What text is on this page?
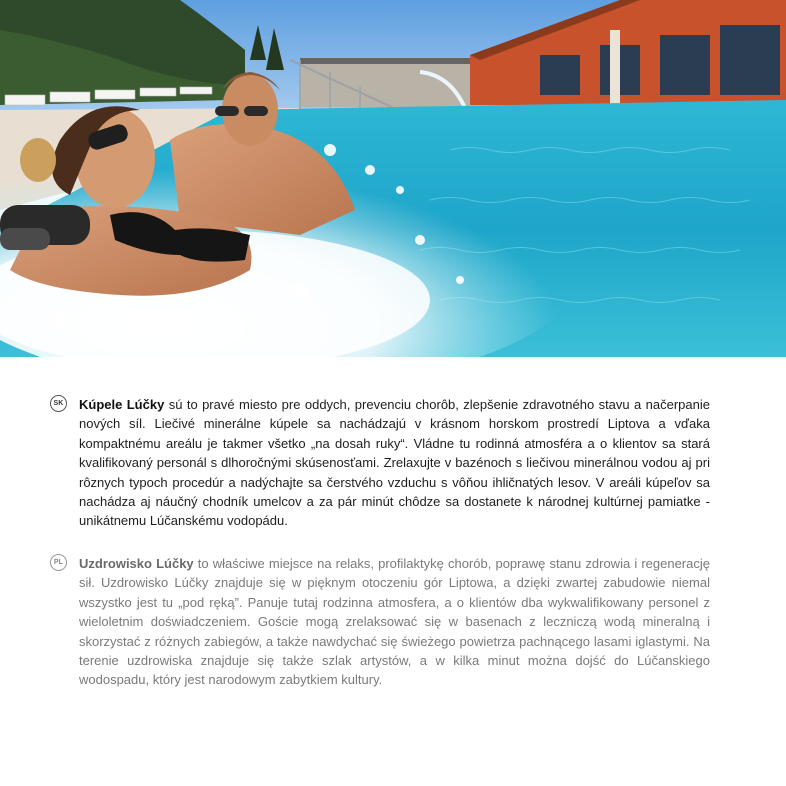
SK Kúpele Lúčky sú to pravé miesto pre oddych, prevenciu chorôb, zlepšenie zdravotného stavu a načerpanie nových síl. Liečivé minerálne kúpele sa nachádzajú v krásnom horskom prostredí Liptova a vďaka kompaktnému areálu je takmer všetko „na dosah ruky“. Vládne tu rodinná atmosféra a o klientov sa stará kvalifikovaný personál s dlhoročnými skúsenosťami. Zrelaxujte v bazénoch s liečivou minerálnou vodou aj pri rôznych typoch procedúr a nadýchajte sa čerstvého vzduchu s vôňou ihličnatých lesov. V areáli kúpeľov sa nachádza aj náučný chodník umelcov a za pár minút chôdze sa dostanete k národnej kultúrnej pamiatke - unikátnemu Lúčanskému vodopádu.

PL Uzdrowisko Lúčky to właściwe miejsce na relaks, profilaktykę chorób, poprawę stanu zdrowia i regenerację sił. Uzdrowisko Lúčky znajduje się w pięknym otoczeniu gór Liptowa, a dzięki zwartej zabudowie niemal wszystko jest tu „pod ręką”. Panuje tutaj rodzinna atmosfera, a o klientów dba wykwalifikowany personel z wieloletnim doświadczeniem. Goście mogą zrelaksować się w basenach z leczniczą wodą mineralną i skorzystać z różnych zabiegów, a także nawdychać się świeżego powietrza pachnącego lasami iglastymi. Na terenie uzdrowiska znajduje się także szlak artystów, a w kilka minut można dojść do Lúčanskiego wodospadu, który jest narodowym zabytkiem kultury.
